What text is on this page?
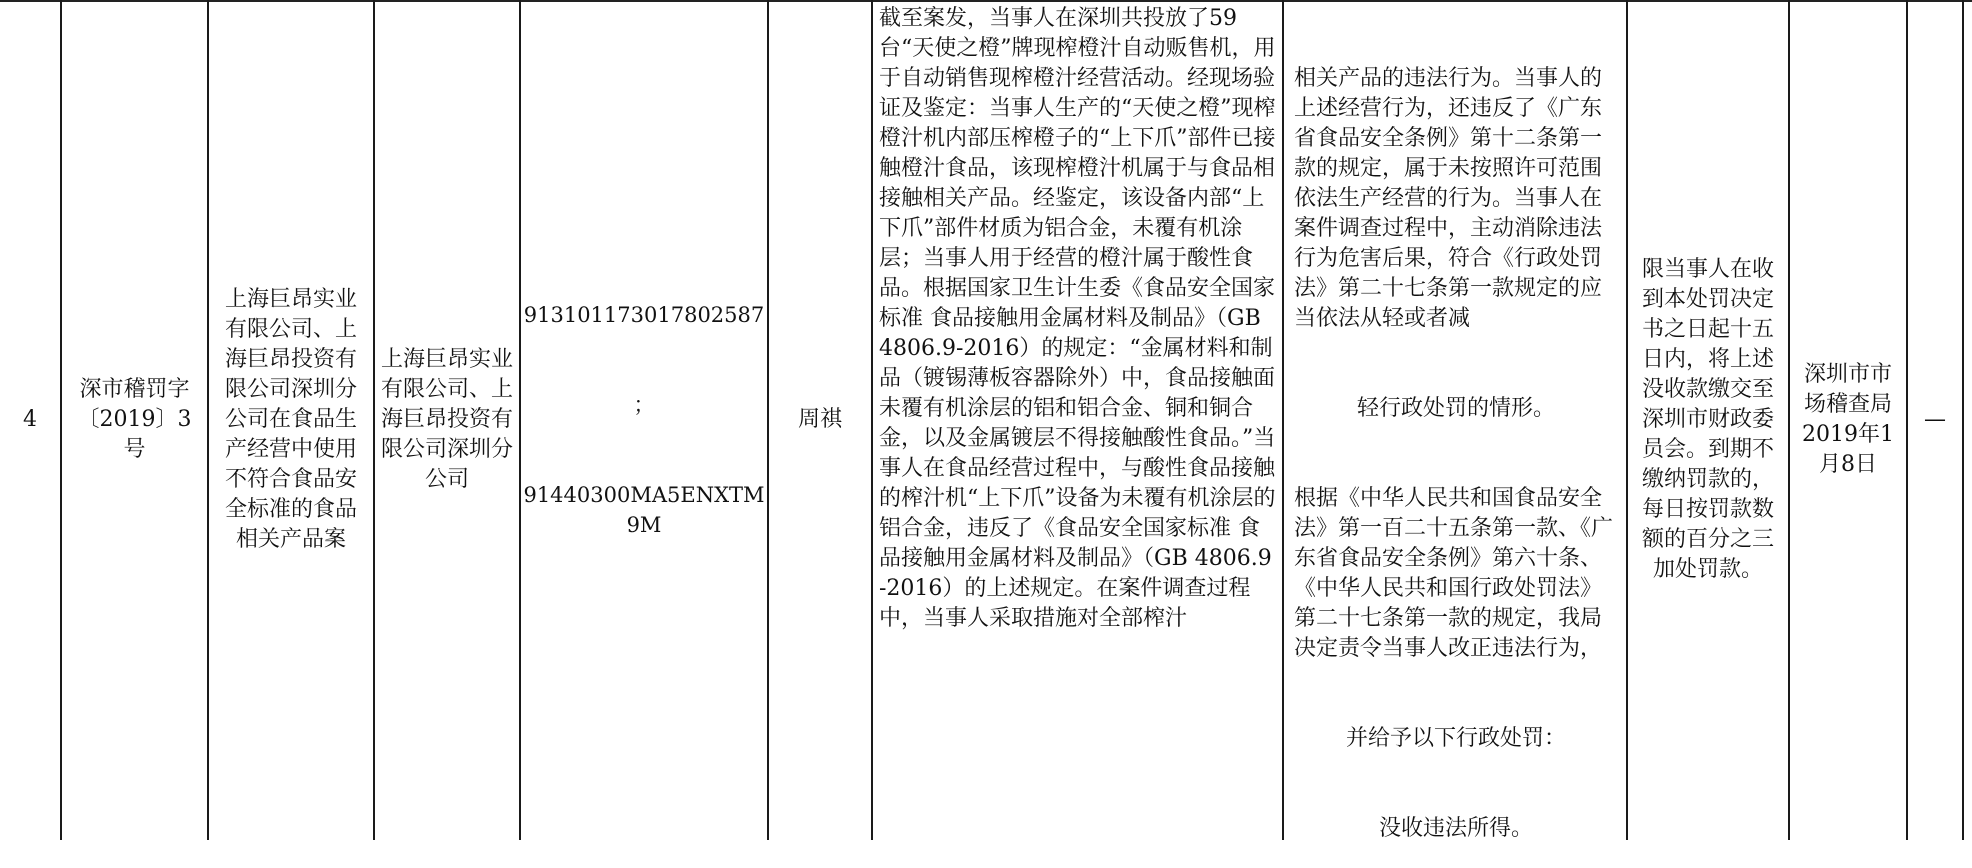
4
深市稽罚字〔2019〕3号
上海巨昂实业有限公司、上海巨昂投资有限公司深圳分公司在食品生产经营中使用不符合食品安全标准的食品相关产品案
上海巨昂实业有限公司、上海巨昂投资有限公司深圳分公司

913101173017802587

；

91440300MA5ENXTM9M

周祺
截至案发，当事人在深圳共投放了59台“天使之橙”牌现榨橙汁自动贩售机，用于自动销售现榨橙汁经营活动。经现场验证及鉴定：当事人生产的“天使之橙”现榨橙汁机内部压榨橙子的“上下爪”部件已接触橙汁食品，该现榨橙汁机属于与食品相接触相关产品。经鉴定，该设备内部“上下爪”部件材质为铝合金，未覆有机涂层；当事人用于经营的橙汁属于酸性食品。根据国家卫生计生委《食品安全国家标准 食品接触用金属材料及制品》（GB 4806.9-2016）的规定：“金属材料和制品（镀锡薄板容器除外）中，食品接触面未覆有机涂层的铝和铝合金、铜和铜合金，以及金属镀层不得接触酸性食品。”当事人在食品经营过程中，与酸性食品接触的榨汁机“上下爪”设备为未覆有机涂层的铝合金，违反了《食品安全国家标准 食品接触用金属材料及制品》（GB 4806.9-2016）的上述规定。在案件调查过程中，当事人采取措施对全部榨汁

相关产品的违法行为。当事人的上述经营行为，还违反了《广东省食品安全条例》第十二条第一款的规定，属于未按照许可范围依法生产经营的行为。当事人在案件调查过程中，主动消除违法行为危害后果，符合《行政处罚法》第二十七条第一款规定的应当依法从轻或者减

轻行政处罚的情形。

根据《中华人民共和国食品安全法》第一百二十五条第一款、《广东省食品安全条例》第六十条、《中华人民共和国行政处罚法》第二十七条第一款的规定，我局决定责令当事人改正违法行为，

并给予以下行政处罚：

没收违法所得。

限当事人在收到本处罚决定书之日起十五日内，将上述没收款缴交至深圳市财政委员会。到期不缴纳罚款的，每日按罚款数额的百分之三加处罚款。
深圳市市场稽查局2019年1月8日
—
